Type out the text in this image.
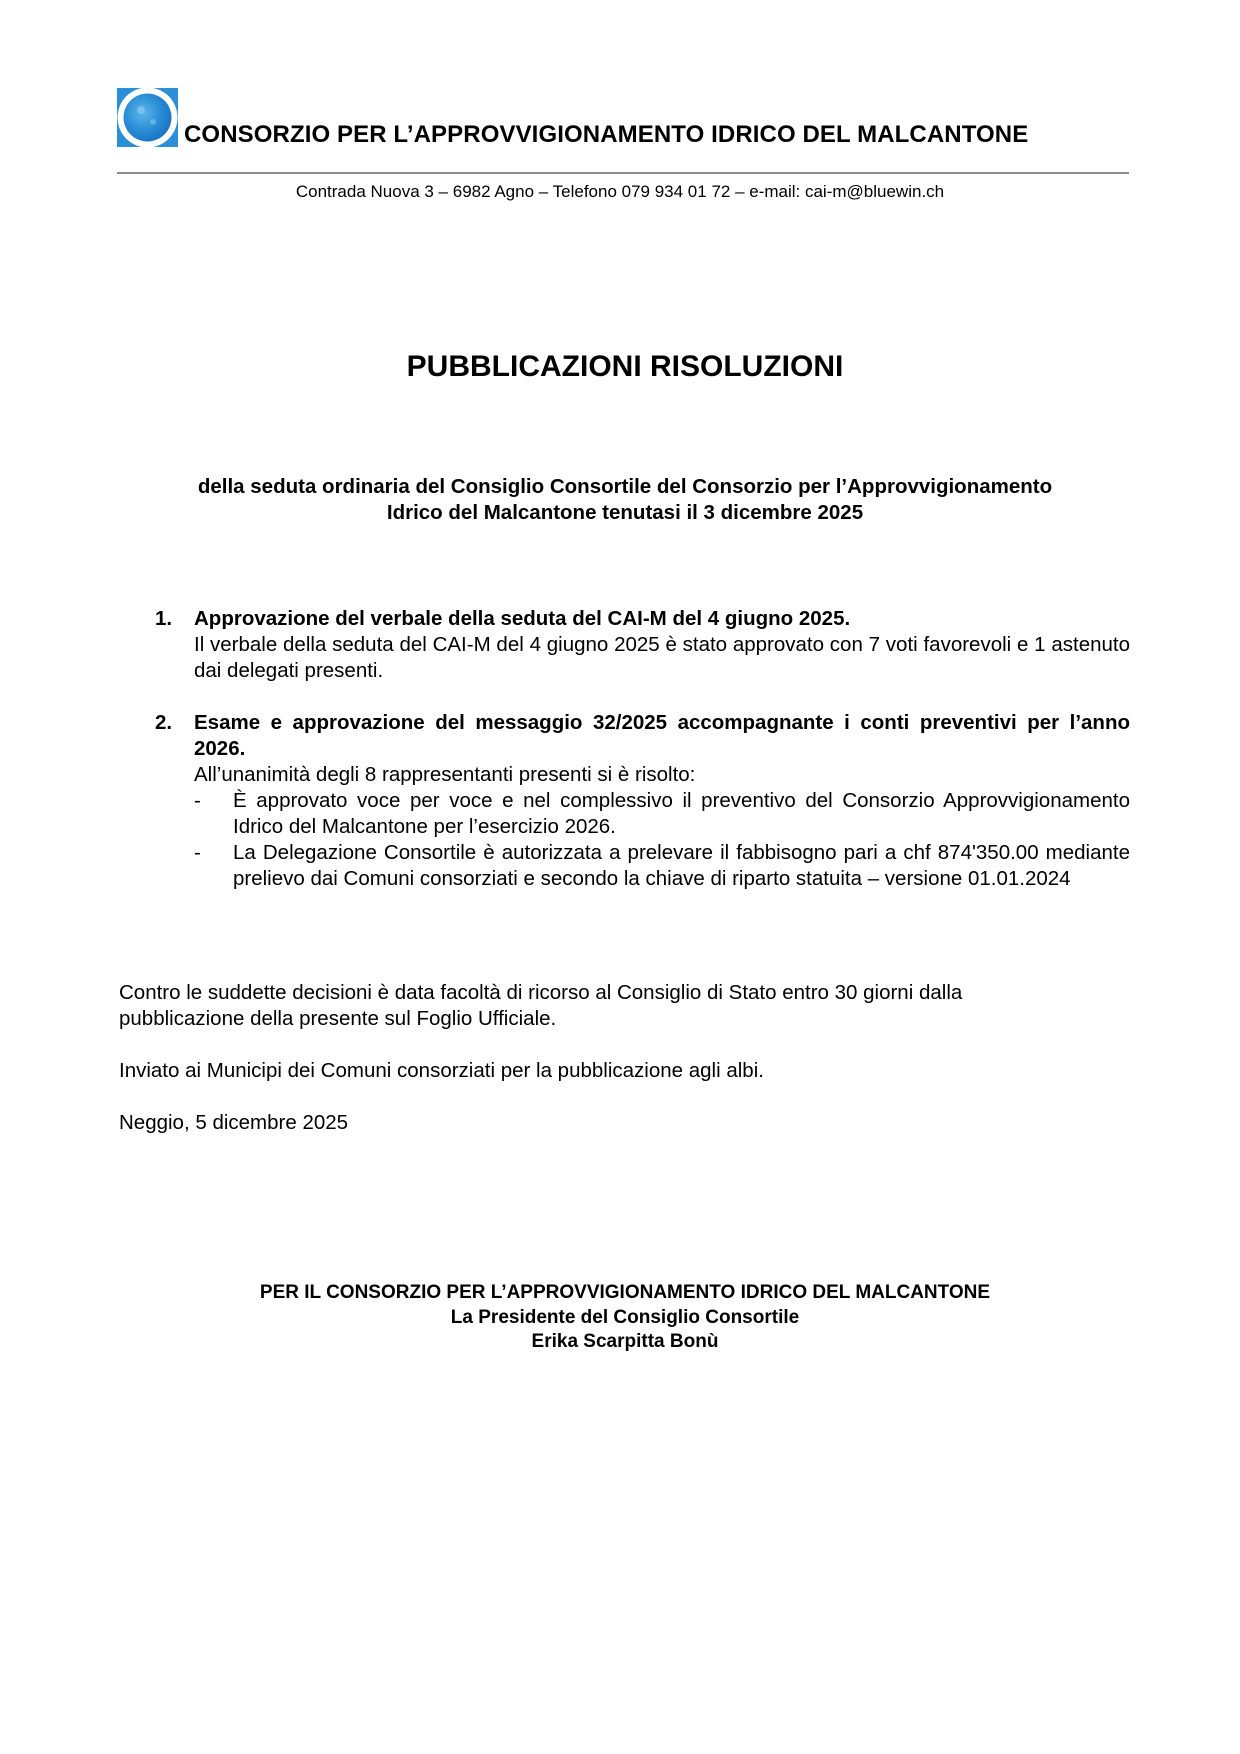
CONSORZIO PER L’APPROVVIGIONAMENTO IDRICO DEL MALCANTONE
Contrada Nuova 3 – 6982 Agno – Telefono 079 934 01 72 – e-mail: cai-m@bluewin.ch
PUBBLICAZIONI RISOLUZIONI
della seduta ordinaria del Consiglio Consortile del Consorzio per l’Approvvigionamento
Idrico del Malcantone tenutasi il 3 dicembre 2025
1. Approvazione del verbale della seduta del CAI-M del 4 giugno 2025.
Il verbale della seduta del CAI-M del 4 giugno 2025 è stato approvato con 7 voti favorevoli e 1 astenuto dai delegati presenti.
2. Esame e approvazione del messaggio 32/2025 accompagnante i conti preventivi per l’anno 2026.
All’unanimità degli 8 rappresentanti presenti si è risolto:
- È approvato voce per voce e nel complessivo il preventivo del Consorzio Approvvigionamento Idrico del Malcantone per l’esercizio 2026.
- La Delegazione Consortile è autorizzata a prelevare il fabbisogno pari a chf 874'350.00 mediante prelievo dai Comuni consorziati e secondo la chiave di riparto statuita – versione 01.01.2024
Contro le suddette decisioni è data facoltà di ricorso al Consiglio di Stato entro 30 giorni dalla pubblicazione della presente sul Foglio Ufficiale.
Inviato ai Municipi dei Comuni consorziati per la pubblicazione agli albi.
Neggio, 5 dicembre 2025
PER IL CONSORZIO PER L’APPROVVIGIONAMENTO IDRICO DEL MALCANTONE
La Presidente del Consiglio Consortile
Erika Scarpitta Bonù
